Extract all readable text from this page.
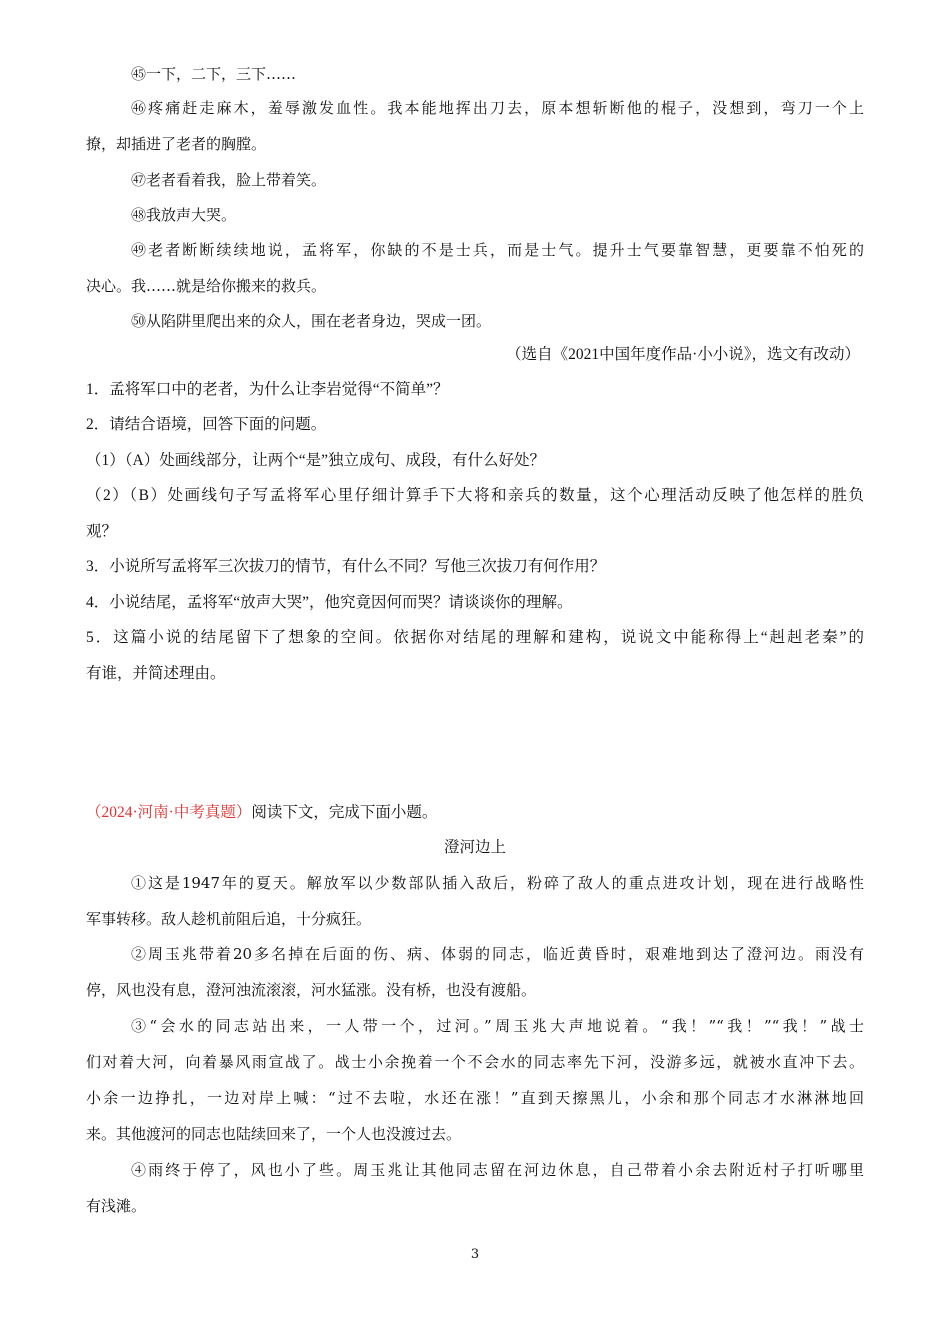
㊺一下，二下，三下……
㊻疼痛赶走麻木，羞辱激发血性。我本能地挥出刀去，原本想斩断他的棍子，没想到，弯刀一个上
撩，却插进了老者的胸膛。
㊼老者看着我，脸上带着笑。
㊽我放声大哭。
㊾老者断断续续地说，孟将军，你缺的不是士兵，而是士气。提升士气要靠智慧，更要靠不怕死的
决心。我……就是给你搬来的救兵。
㊿从陷阱里爬出来的众人，围在老者身边，哭成一团。
（选自《2021中国年度作品·小小说》，选文有改动）
1．孟将军口中的老者，为什么让李岩觉得“不简单”？
2．请结合语境，回答下面的问题。
（1）（A）处画线部分，让两个“是”独立成句、成段，有什么好处？
（2）（B）处画线句子写孟将军心里仔细计算手下大将和亲兵的数量，这个心理活动反映了他怎样的胜负
观？
3．小说所写孟将军三次拔刀的情节，有什么不同？写他三次拔刀有何作用？
4．小说结尾，孟将军“放声大哭”，他究竟因何而哭？请谈谈你的理解。
5．这篇小说的结尾留下了想象的空间。依据你对结尾的理解和建构，说说文中能称得上“赳赳老秦”的
有谁，并简述理由。
（2024·河南·中考真题）阅读下文，完成下面小题。
澄河边上
①这是1947年的夏天。解放军以少数部队插入敌后，粉碎了敌人的重点进攻计划，现在进行战略性
军事转移。敌人趁机前阻后追，十分疯狂。
②周玉兆带着20多名掉在后面的伤、病、体弱的同志，临近黄昏时，艰难地到达了澄河边。雨没有
停，风也没有息，澄河浊流滚滚，河水猛涨。没有桥，也没有渡船。
③“会水的同志站出来，一人带一个，过河。”周玉兆大声地说着。“我！”“我！”“我！”战士
们对着大河，向着暴风雨宣战了。战士小余挽着一个不会水的同志率先下河，没游多远，就被水直冲下去。
小余一边挣扎，一边对岸上喊：“过不去啦，水还在涨！”直到天擦黑儿，小余和那个同志才水淋淋地回
来。其他渡河的同志也陆续回来了，一个人也没渡过去。
④雨终于停了，风也小了些。周玉兆让其他同志留在河边休息，自己带着小余去附近村子打听哪里
有浅滩。
3
